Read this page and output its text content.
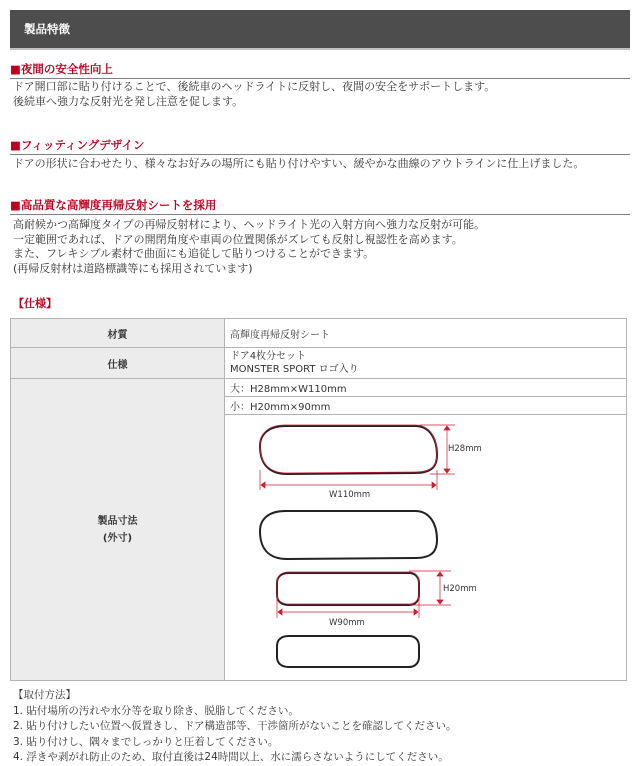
製品特徴
■夜間の安全性向上
ドア開口部に貼り付けることで、後続車のヘッドライトに反射し、夜間の安全をサポートします。
後続車へ強力な反射光を発し注意を促します。
■フィッティングデザイン
ドアの形状に合わせたり、様々なお好みの場所にも貼り付けやすい、緩やかな曲線のアウトラインに仕上げました。
■高品質な高輝度再帰反射シートを採用
高耐候かつ高輝度タイプの再帰反射材により、ヘッドライト光の入射方向へ強力な反射が可能。
一定範囲であれば、ドアの開閉角度や車両の位置関係がズレても反射し視認性を高めます。
また、フレキシブル素材で曲面にも追従して貼りつけることができます。
(再帰反射材は道路標識等にも採用されています)
【仕様】
材質	高輝度再帰反射シート
仕様	ドア4枚分セット
MONSTER SPORT ロゴ入り

製品寸法
(外寸)	大：H28mm×W110mm
	小：H20mm×90mm

H28mm
W110mm
H20mm
W90mm
【取付方法】
1. 貼付場所の汚れや水分等を取り除き、脱脂してください。
2. 貼り付けしたい位置へ仮置きし、ドア構造部等、干渉箇所がないことを確認してください。
3. 貼り付けし、隅々までしっかりと圧着してください。
4. 浮きや剥がれ防止のため、取付直後は24時間以上、水に濡らさないようにしてください。
